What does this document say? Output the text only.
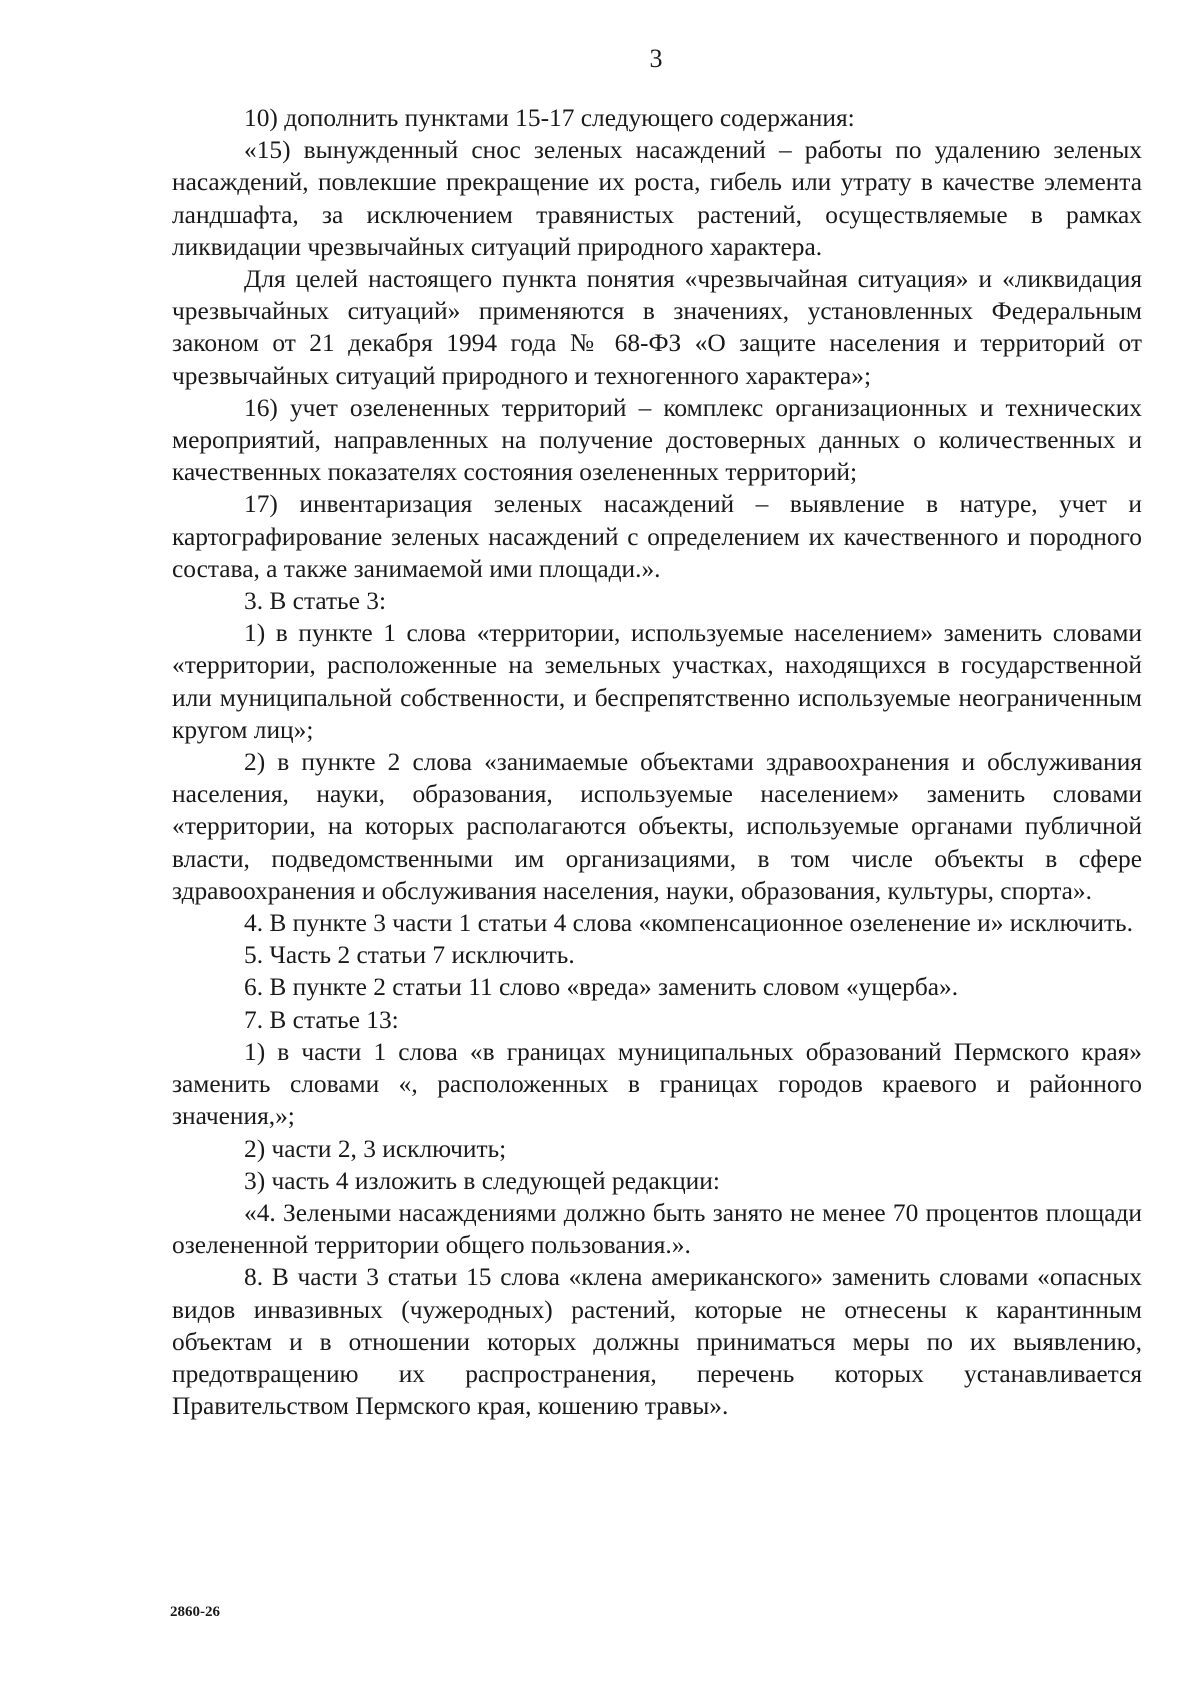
3

10) дополнить пунктами 15-17 следующего содержания:

«15) вынужденный снос зеленых насаждений – работы по удалению зеленых насаждений, повлекшие прекращение их роста, гибель или утрату в качестве элемента ландшафта, за исключением травянистых растений, осуществляемые в рамках ликвидации чрезвычайных ситуаций природного характера.

Для целей настоящего пункта понятия «чрезвычайная ситуация» и «ликвидация чрезвычайных ситуаций» применяются в значениях, установленных Федеральным законом от 21 декабря 1994 года № 68-ФЗ «О защите населения и территорий от чрезвычайных ситуаций природного и техногенного характера»;

16) учет озелененных территорий – комплекс организационных и технических мероприятий, направленных на получение достоверных данных о количественных и качественных показателях состояния озелененных территорий;

17) инвентаризация зеленых насаждений – выявление в натуре, учет и картографирование зеленых насаждений с определением их качественного и породного состава, а также занимаемой ими площади.».

3. В статье 3:

1) в пункте 1 слова «территории, используемые населением» заменить словами «территории, расположенные на земельных участках, находящихся в государственной или муниципальной собственности, и беспрепятственно используемые неограниченным кругом лиц»;

2) в пункте 2 слова «занимаемые объектами здравоохранения и обслуживания населения, науки, образования, используемые населением» заменить словами «территории, на которых располагаются объекты, используемые органами публичной власти, подведомственными им организациями, в том числе объекты в сфере здравоохранения и обслуживания населения, науки, образования, культуры, спорта».

4. В пункте 3 части 1 статьи 4 слова «компенсационное озеленение и» исключить.

5. Часть 2 статьи 7 исключить.

6. В пункте 2 статьи 11 слово «вреда» заменить словом «ущерба».

7. В статье 13:

1) в части 1 слова «в границах муниципальных образований Пермского края» заменить словами «, расположенных в границах городов краевого и районного значения,»;

2) части 2, 3 исключить;

3) часть 4 изложить в следующей редакции:

«4. Зелеными насаждениями должно быть занято не менее 70 процентов площади озелененной территории общего пользования.».

8. В части 3 статьи 15 слова «клена американского» заменить словами «опасных видов инвазивных (чужеродных) растений, которые не отнесены к карантинным объектам и в отношении которых должны приниматься меры по их выявлению, предотвращению их распространения, перечень которых устанавливается Правительством Пермского края, кошению травы».

2860-26
